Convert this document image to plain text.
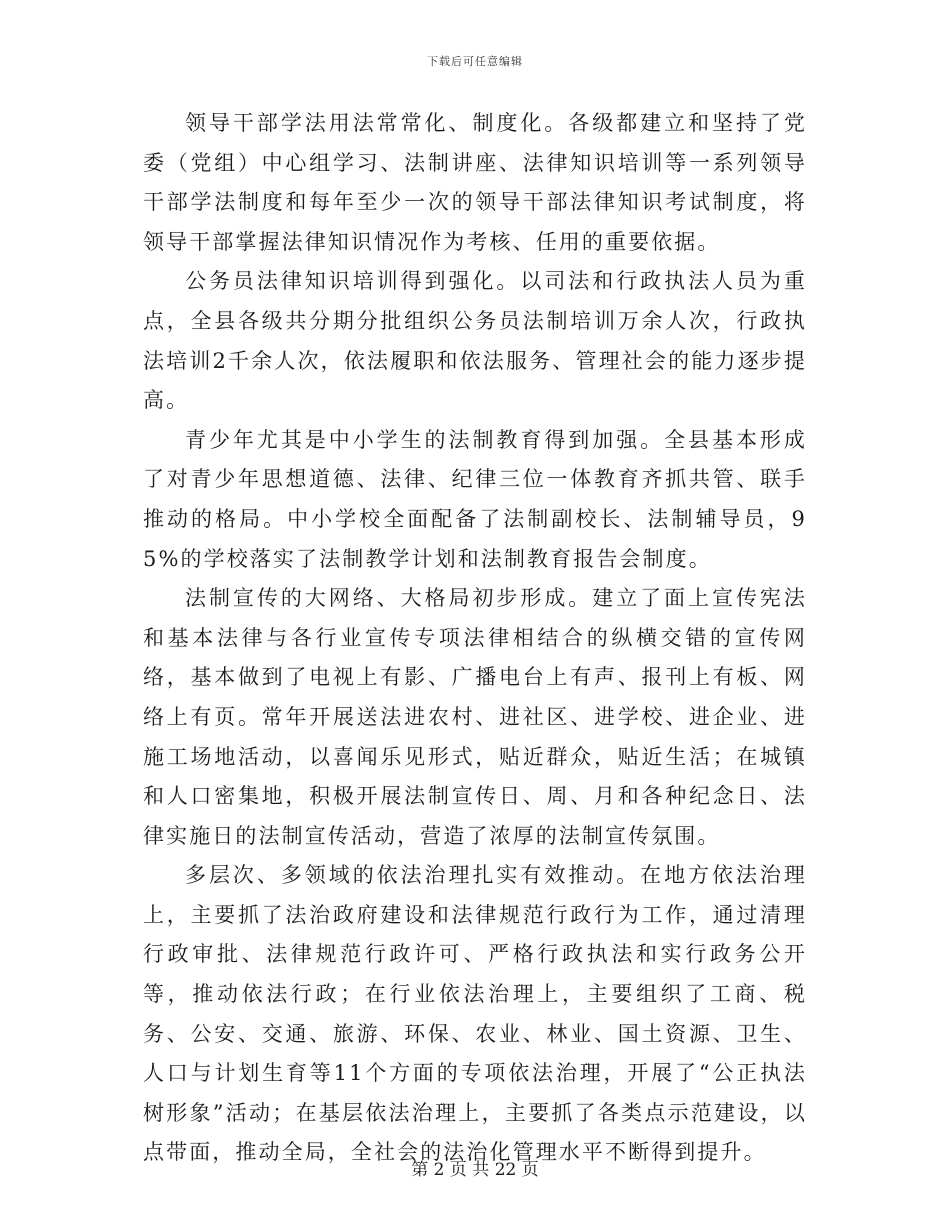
下载后可任意编辑

领导干部学法用法常常化、制度化。各级都建立和坚持了党委（党组）中心组学习、法制讲座、法律知识培训等一系列领导干部学法制度和每年至少一次的领导干部法律知识考试制度，将领导干部掌握法律知识情况作为考核、任用的重要依据。

公务员法律知识培训得到强化。以司法和行政执法人员为重点，全县各级共分期分批组织公务员法制培训万余人次，行政执法培训2千余人次，依法履职和依法服务、管理社会的能力逐步提高。

青少年尤其是中小学生的法制教育得到加强。全县基本形成了对青少年思想道德、法律、纪律三位一体教育齐抓共管、联手推动的格局。中小学校全面配备了法制副校长、法制辅导员，95%的学校落实了法制教学计划和法制教育报告会制度。

法制宣传的大网络、大格局初步形成。建立了面上宣传宪法和基本法律与各行业宣传专项法律相结合的纵横交错的宣传网络，基本做到了电视上有影、广播电台上有声、报刊上有板、网络上有页。常年开展送法进农村、进社区、进学校、进企业、进施工场地活动，以喜闻乐见形式，贴近群众，贴近生活；在城镇和人口密集地，积极开展法制宣传日、周、月和各种纪念日、法律实施日的法制宣传活动，营造了浓厚的法制宣传氛围。

多层次、多领域的依法治理扎实有效推动。在地方依法治理上，主要抓了法治政府建设和法律规范行政行为工作，通过清理行政审批、法律规范行政许可、严格行政执法和实行政务公开等，推动依法行政；在行业依法治理上，主要组织了工商、税务、公安、交通、旅游、环保、农业、林业、国土资源、卫生、人口与计划生育等11个方面的专项依法治理，开展了“公正执法树形象”活动；在基层依法治理上，主要抓了各类点示范建设，以点带面，推动全局，全社会的法治化管理水平不断得到提升。

第 2 页 共 22 页
